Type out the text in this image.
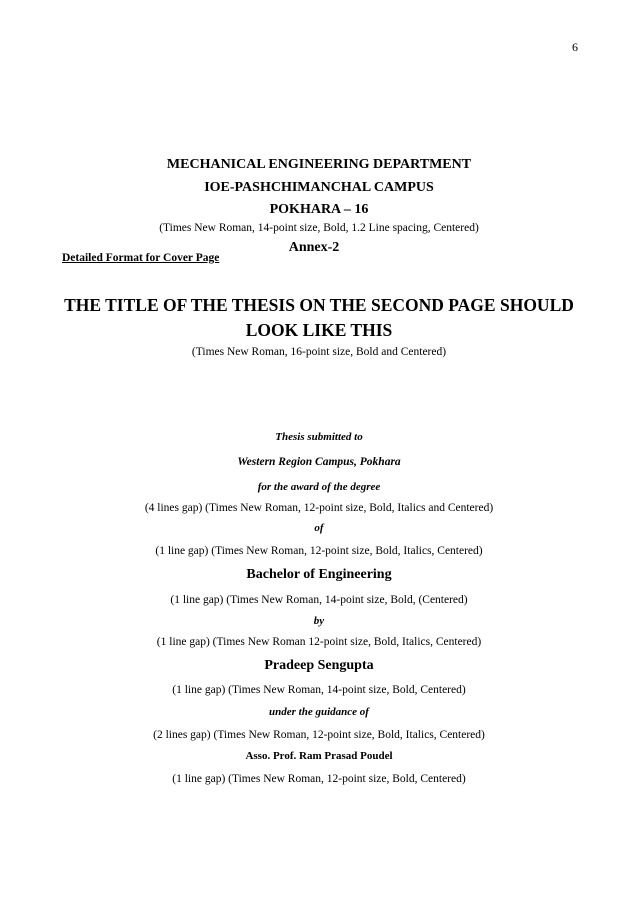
6
MECHANICAL ENGINEERING DEPARTMENT
IOE-PASHCHIMANCHAL CAMPUS
POKHARA – 16
(Times New Roman, 14-point size, Bold, 1.2 Line spacing, Centered)
Annex-2
Detailed Format for Cover Page
THE TITLE OF THE THESIS ON THE SECOND PAGE SHOULD
LOOK LIKE THIS
(Times New Roman, 16-point size, Bold and Centered)
Thesis submitted to
Western Region Campus, Pokhara
for the award of the degree
(4 lines gap) (Times New Roman, 12-point size, Bold, Italics and Centered)
of
(1 line gap) (Times New Roman, 12-point size, Bold, Italics, Centered)
Bachelor of Engineering
(1 line gap) (Times New Roman, 14-point size, Bold, (Centered)
by
(1 line gap) (Times New Roman 12-point size, Bold, Italics, Centered)
Pradeep Sengupta
(1 line gap) (Times New Roman, 14-point size, Bold, Centered)
under the guidance of
(2 lines gap) (Times New Roman, 12-point size, Bold, Italics, Centered)
Asso. Prof. Ram Prasad Poudel
(1 line gap) (Times New Roman, 12-point size, Bold, Centered)
